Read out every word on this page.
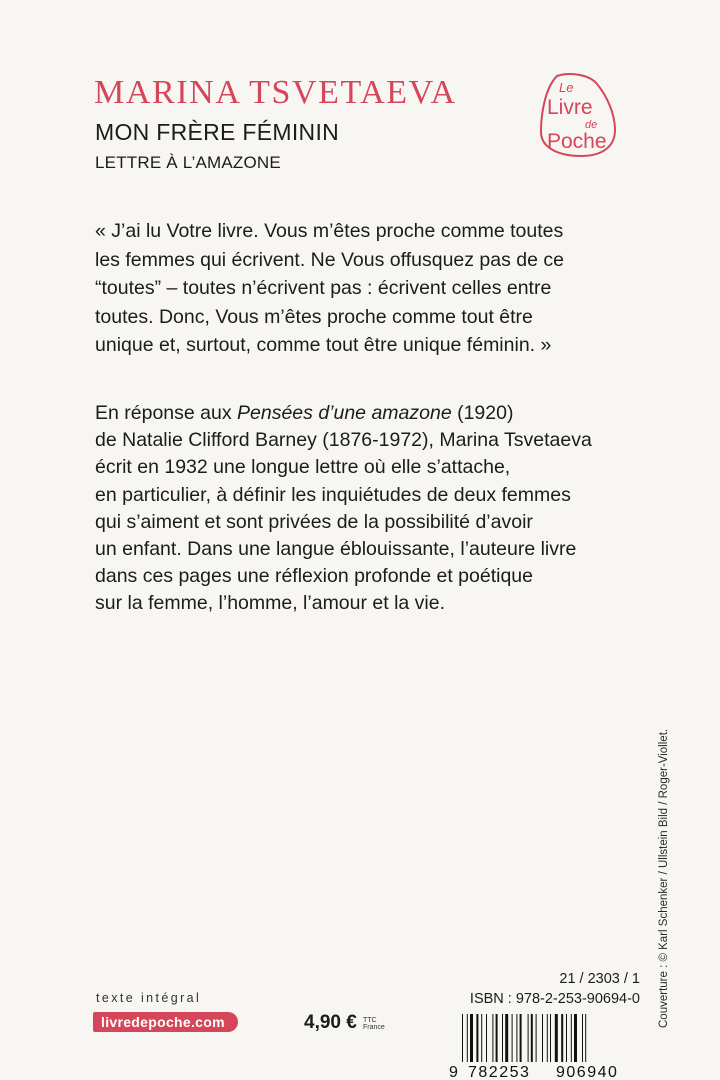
MARINA TSVETAEVA
MON FRÈRE FÉMININ
LETTRE À L’AMAZONE
Le
Livre
de
Poche
« J’ai lu Votre livre. Vous m’êtes proche comme toutes
les femmes qui écrivent. Ne Vous offusquez pas de ce
“toutes” – toutes n’écrivent pas : écrivent celles entre
toutes. Donc, Vous m’êtes proche comme tout être
unique et, surtout, comme tout être unique féminin. »
En réponse aux Pensées d’une amazone (1920)
de Natalie Clifford Barney (1876-1972), Marina Tsvetaeva
écrit en 1932 une longue lettre où elle s’attache,
en particulier, à définir les inquiétudes de deux femmes
qui s’aiment et sont privées de la possibilité d’avoir
un enfant. Dans une langue éblouissante, l’auteure livre
dans ces pages une réflexion profonde et poétique
sur la femme, l’homme, l’amour et la vie.
Couverture : © Karl Schenker / Ullstein Bild / Roger-Viollet.
texte intégral
livredepoche.com	4,90 € TTC
France
21 / 2303 / 1
ISBN : 978-2-253-90694-0
9 782253 906940
